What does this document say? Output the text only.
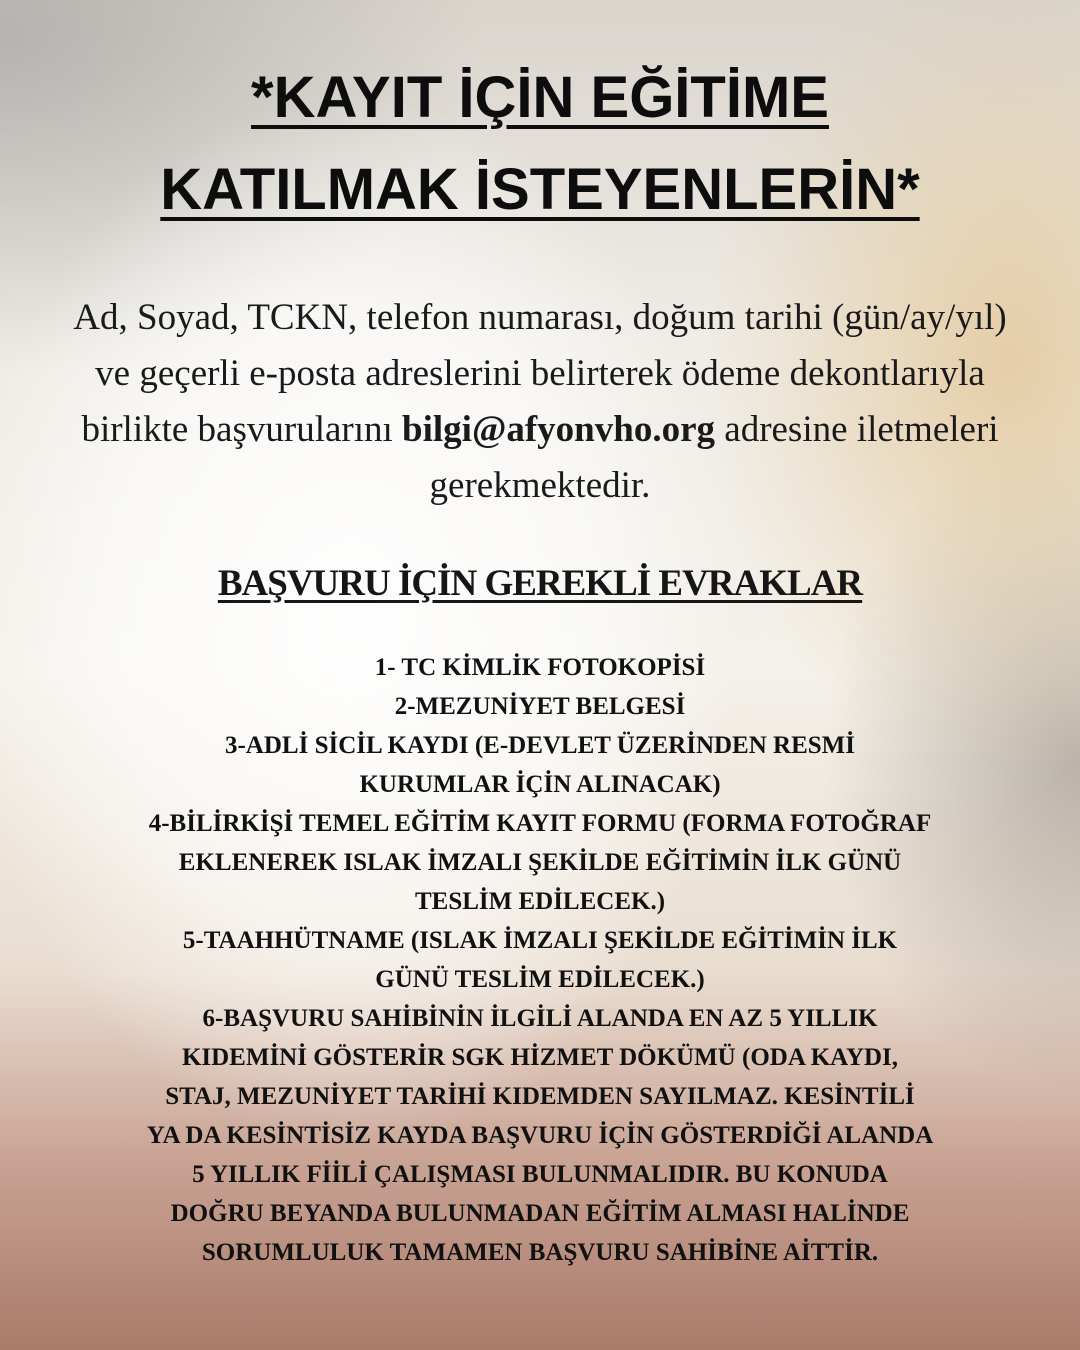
*KAYIT İÇİN EĞİTİME
KATILMAK İSTEYENLERİN*

Ad, Soyad, TCKN, telefon numarası, doğum tarihi (gün/ay/yıl)
ve geçerli e-posta adreslerini belirterek ödeme dekontlarıyla
birlikte başvurularını bilgi@afyonvho.org adresine iletmeleri
gerekmektedir.

BAŞVURU İÇİN GEREKLİ EVRAKLAR
1- TC KİMLİK FOTOKOPİSİ
2-MEZUNİYET BELGESİ
3-ADLİ SİCİL KAYDI (E-DEVLET ÜZERİNDEN RESMİ
KURUMLAR İÇİN ALINACAK)
4-BİLİRKİŞİ TEMEL EĞİTİM KAYIT FORMU (FORMA FOTOĞRAF
EKLENEREK ISLAK İMZALI ŞEKİLDE EĞİTİMİN İLK GÜNÜ
TESLİM EDİLECEK.)
5-TAAHHÜTNAME (ISLAK İMZALI ŞEKİLDE EĞİTİMİN İLK
GÜNÜ TESLİM EDİLECEK.)
6-BAŞVURU SAHİBİNİN İLGİLİ ALANDA EN AZ 5 YILLIK
KIDEMİNİ GÖSTERİR SGK HİZMET DÖKÜMÜ (ODA KAYDI,
STAJ, MEZUNİYET TARİHİ KIDEMDEN SAYILMAZ. KESİNTİLİ
YA DA KESİNTİSİZ KAYDA BAŞVURU İÇİN GÖSTERDİĞİ ALANDA
5 YILLIK FİİLİ ÇALIŞMASI BULUNMALIDIR. BU KONUDA
DOĞRU BEYANDA BULUNMADAN EĞİTİM ALMASI HALİNDE
SORUMLULUK TAMAMEN BAŞVURU SAHİBİNE AİTTİR.
